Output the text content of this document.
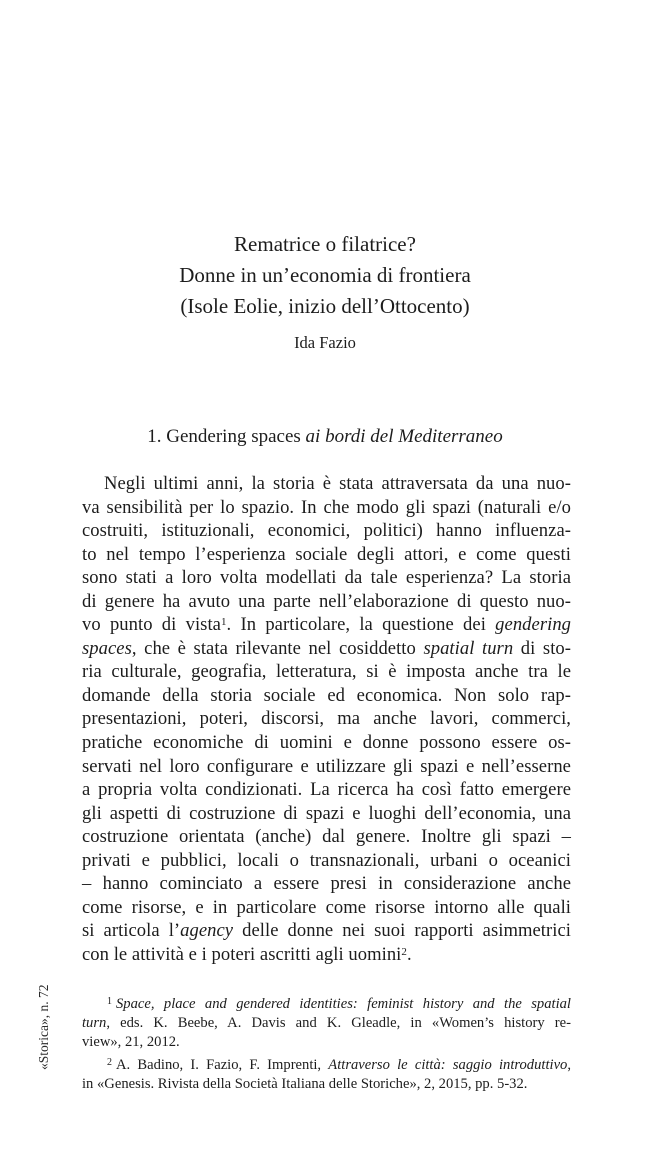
Rematrice o filatrice?
Donne in un’economia di frontiera
(Isole Eolie, inizio dell’Ottocento)
Ida Fazio
1. Gendering spaces ai bordi del Mediterraneo
Negli ultimi anni, la storia è stata attraversata da una nuo-
va sensibilità per lo spazio. In che modo gli spazi (naturali e/o
costruiti, istituzionali, economici, politici) hanno influenza-
to nel tempo l’esperienza sociale degli attori, e come questi
sono stati a loro volta modellati da tale esperienza? La storia
di genere ha avuto una parte nell’elaborazione di questo nuo-
vo punto di vista$^1$. In particolare, la questione dei gendering
spaces, che è stata rilevante nel cosiddetto spatial turn di sto-
ria culturale, geografia, letteratura, si è imposta anche tra le
domande della storia sociale ed economica. Non solo rap-
presentazioni, poteri, discorsi, ma anche lavori, commerci,
pratiche economiche di uomini e donne possono essere os-
servati nel loro configurare e utilizzare gli spazi e nell’esserne
a propria volta condizionati. La ricerca ha così fatto emergere
gli aspetti di costruzione di spazi e luoghi dell’economia, una
costruzione orientata (anche) dal genere. Inoltre gli spazi –
privati e pubblici, locali o transnazionali, urbani o oceanici
– hanno cominciato a essere presi in considerazione anche
come risorse, e in particolare come risorse intorno alle quali
si articola l’agency delle donne nei suoi rapporti asimmetrici
con le attività e i poteri ascritti agli uomini$^2$.
$^1$ Space, place and gendered identities: feminist history and the spatial
turn, eds. K. Beebe, A. Davis and K. Gleadle, in «Women’s history re-
view», 21, 2012.
$^2$ A. Badino, I. Fazio, F. Imprenti, Attraverso le città: saggio introduttivo,
in «Genesis. Rivista della Società Italiana delle Storiche», 2, 2015, pp. 5-32.
«Storica», n. 72
